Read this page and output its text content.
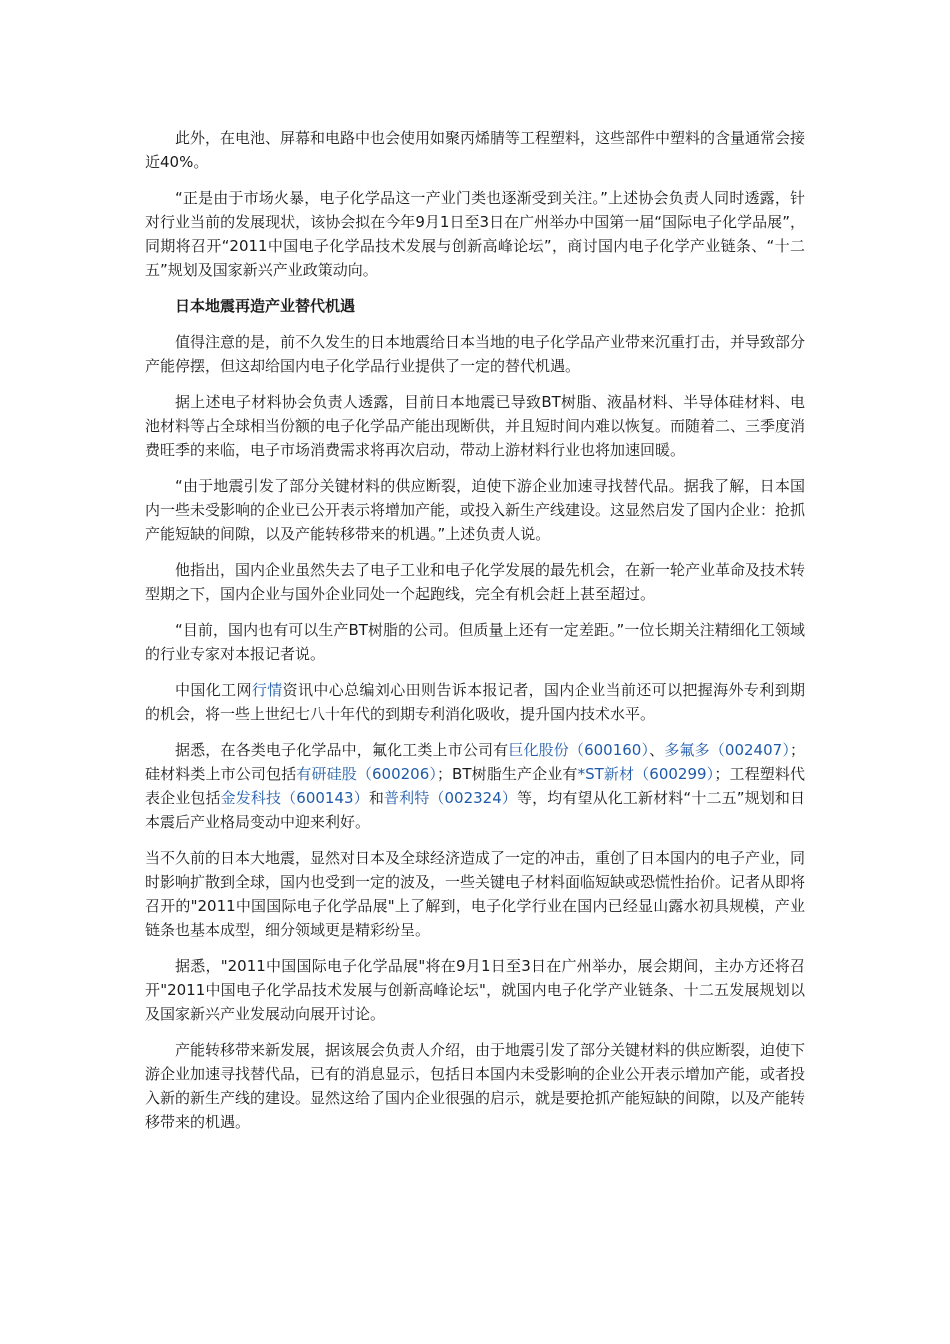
此外，在电池、屏幕和电路中也会使用如聚丙烯腈等工程塑料，这些部件中塑料的含量通常会接近40%。

“正是由于市场火暴，电子化学品这一产业门类也逐渐受到关注。”上述协会负责人同时透露，针对行业当前的发展现状，该协会拟在今年9月1日至3日在广州举办中国第一届“国际电子化学品展”，同期将召开“2011中国电子化学品技术发展与创新高峰论坛”，商讨国内电子化学产业链条、“十二五”规划及国家新兴产业政策动向。

日本地震再造产业替代机遇

值得注意的是，前不久发生的日本地震给日本当地的电子化学品产业带来沉重打击，并导致部分产能停摆，但这却给国内电子化学品行业提供了一定的替代机遇。

据上述电子材料协会负责人透露，目前日本地震已导致BT树脂、液晶材料、半导体硅材料、电池材料等占全球相当份额的电子化学品产能出现断供，并且短时间内难以恢复。而随着二、三季度消费旺季的来临，电子市场消费需求将再次启动，带动上游材料行业也将加速回暖。

“由于地震引发了部分关键材料的供应断裂，迫使下游企业加速寻找替代品。据我了解，日本国内一些未受影响的企业已公开表示将增加产能，或投入新生产线建设。这显然启发了国内企业：抢抓产能短缺的间隙，以及产能转移带来的机遇。”上述负责人说。

他指出，国内企业虽然失去了电子工业和电子化学发展的最先机会，在新一轮产业革命及技术转型期之下，国内企业与国外企业同处一个起跑线，完全有机会赶上甚至超过。

“目前，国内也有可以生产BT树脂的公司。但质量上还有一定差距。”一位长期关注精细化工领域的行业专家对本报记者说。

中国化工网行情资讯中心总编刘心田则告诉本报记者，国内企业当前还可以把握海外专利到期的机会，将一些上世纪七八十年代的到期专利消化吸收，提升国内技术水平。

据悉，在各类电子化学品中，氟化工类上市公司有巨化股份（600160）、多氟多（002407）；硅材料类上市公司包括有研硅股（600206）；BT树脂生产企业有*ST新材（600299）；工程塑料代表企业包括金发科技（600143）和普利特（002324）等，均有望从化工新材料“十二五”规划和日本震后产业格局变动中迎来利好。

当不久前的日本大地震，显然对日本及全球经济造成了一定的冲击，重创了日本国内的电子产业，同时影响扩散到全球，国内也受到一定的波及，一些关键电子材料面临短缺或恐慌性抬价。记者从即将召开的"2011中国国际电子化学品展"上了解到，电子化学行业在国内已经显山露水初具规模，产业链条也基本成型，细分领域更是精彩纷呈。

据悉，"2011中国国际电子化学品展"将在9月1日至3日在广州举办，展会期间，主办方还将召开"2011中国电子化学品技术发展与创新高峰论坛"，就国内电子化学产业链条、十二五发展规划以及国家新兴产业发展动向展开讨论。

产能转移带来新发展，据该展会负责人介绍，由于地震引发了部分关键材料的供应断裂，迫使下游企业加速寻找替代品，已有的消息显示，包括日本国内未受影响的企业公开表示增加产能，或者投入新的新生产线的建设。显然这给了国内企业很强的启示，就是要抢抓产能短缺的间隙，以及产能转移带来的机遇。
